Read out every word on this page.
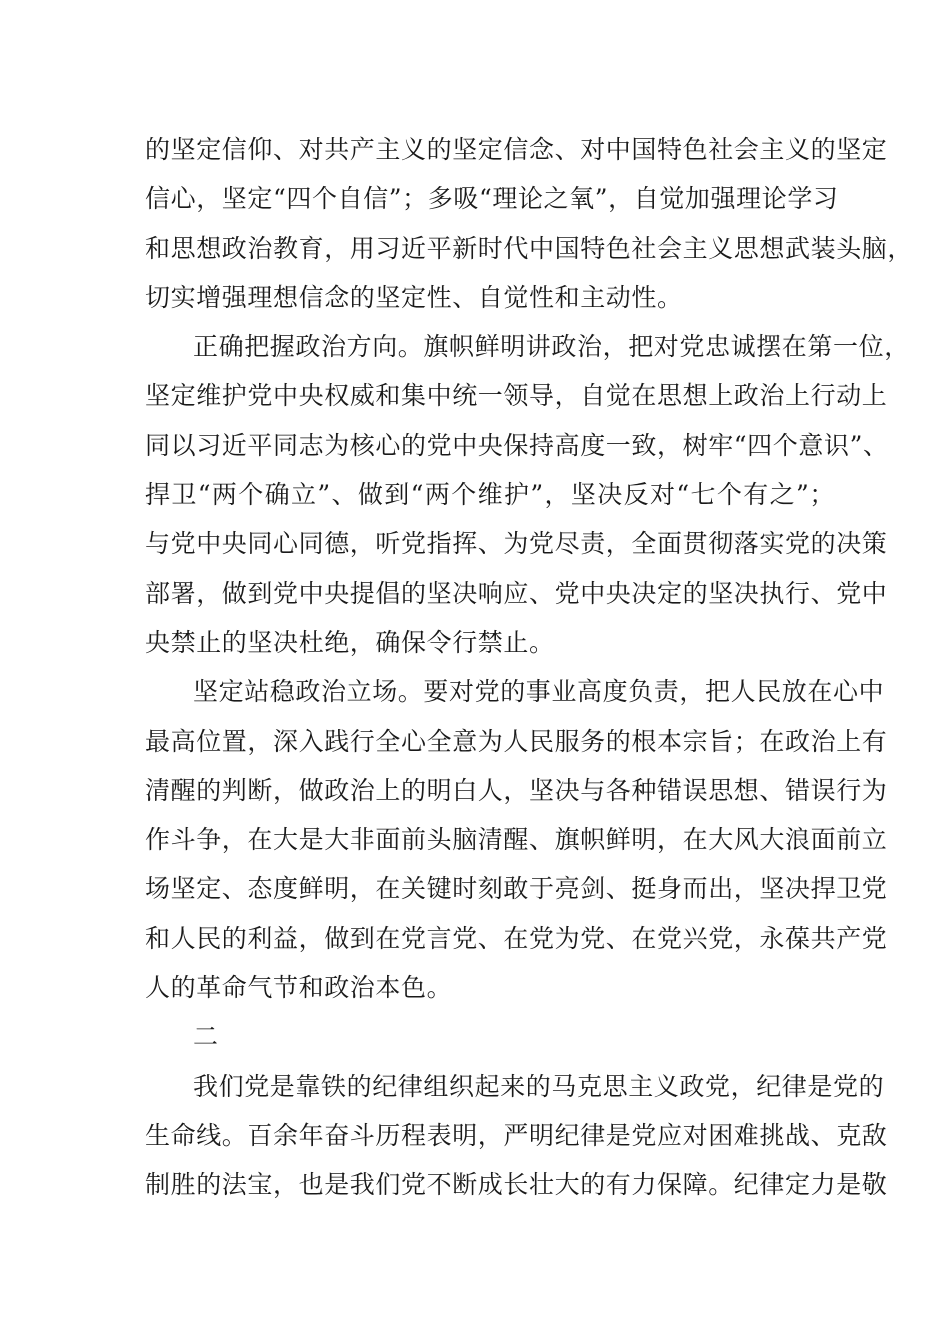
的坚定信仰、对共产主义的坚定信念、对中国特色社会主义的坚定
信心，坚定“四个自信”；多吸“理论之氧”，自觉加强理论学习
和思想政治教育，用习近平新时代中国特色社会主义思想武装头脑，
切实增强理想信念的坚定性、自觉性和主动性。
正确把握政治方向。旗帜鲜明讲政治，把对党忠诚摆在第一位，
坚定维护党中央权威和集中统一领导，自觉在思想上政治上行动上
同以习近平同志为核心的党中央保持高度一致，树牢“四个意识”、
捍卫“两个确立”、做到“两个维护”，坚决反对“七个有之”；
与党中央同心同德，听党指挥、为党尽责，全面贯彻落实党的决策
部署，做到党中央提倡的坚决响应、党中央决定的坚决执行、党中
央禁止的坚决杜绝，确保令行禁止。
坚定站稳政治立场。要对党的事业高度负责，把人民放在心中
最高位置，深入践行全心全意为人民服务的根本宗旨；在政治上有
清醒的判断，做政治上的明白人，坚决与各种错误思想、错误行为
作斗争，在大是大非面前头脑清醒、旗帜鲜明，在大风大浪面前立
场坚定、态度鲜明，在关键时刻敢于亮剑、挺身而出，坚决捍卫党
和人民的利益，做到在党言党、在党为党、在党兴党，永葆共产党
人的革命气节和政治本色。
二
我们党是靠铁的纪律组织起来的马克思主义政党，纪律是党的
生命线。百余年奋斗历程表明，严明纪律是党应对困难挑战、克敌
制胜的法宝，也是我们党不断成长壮大的有力保障。纪律定力是敬
